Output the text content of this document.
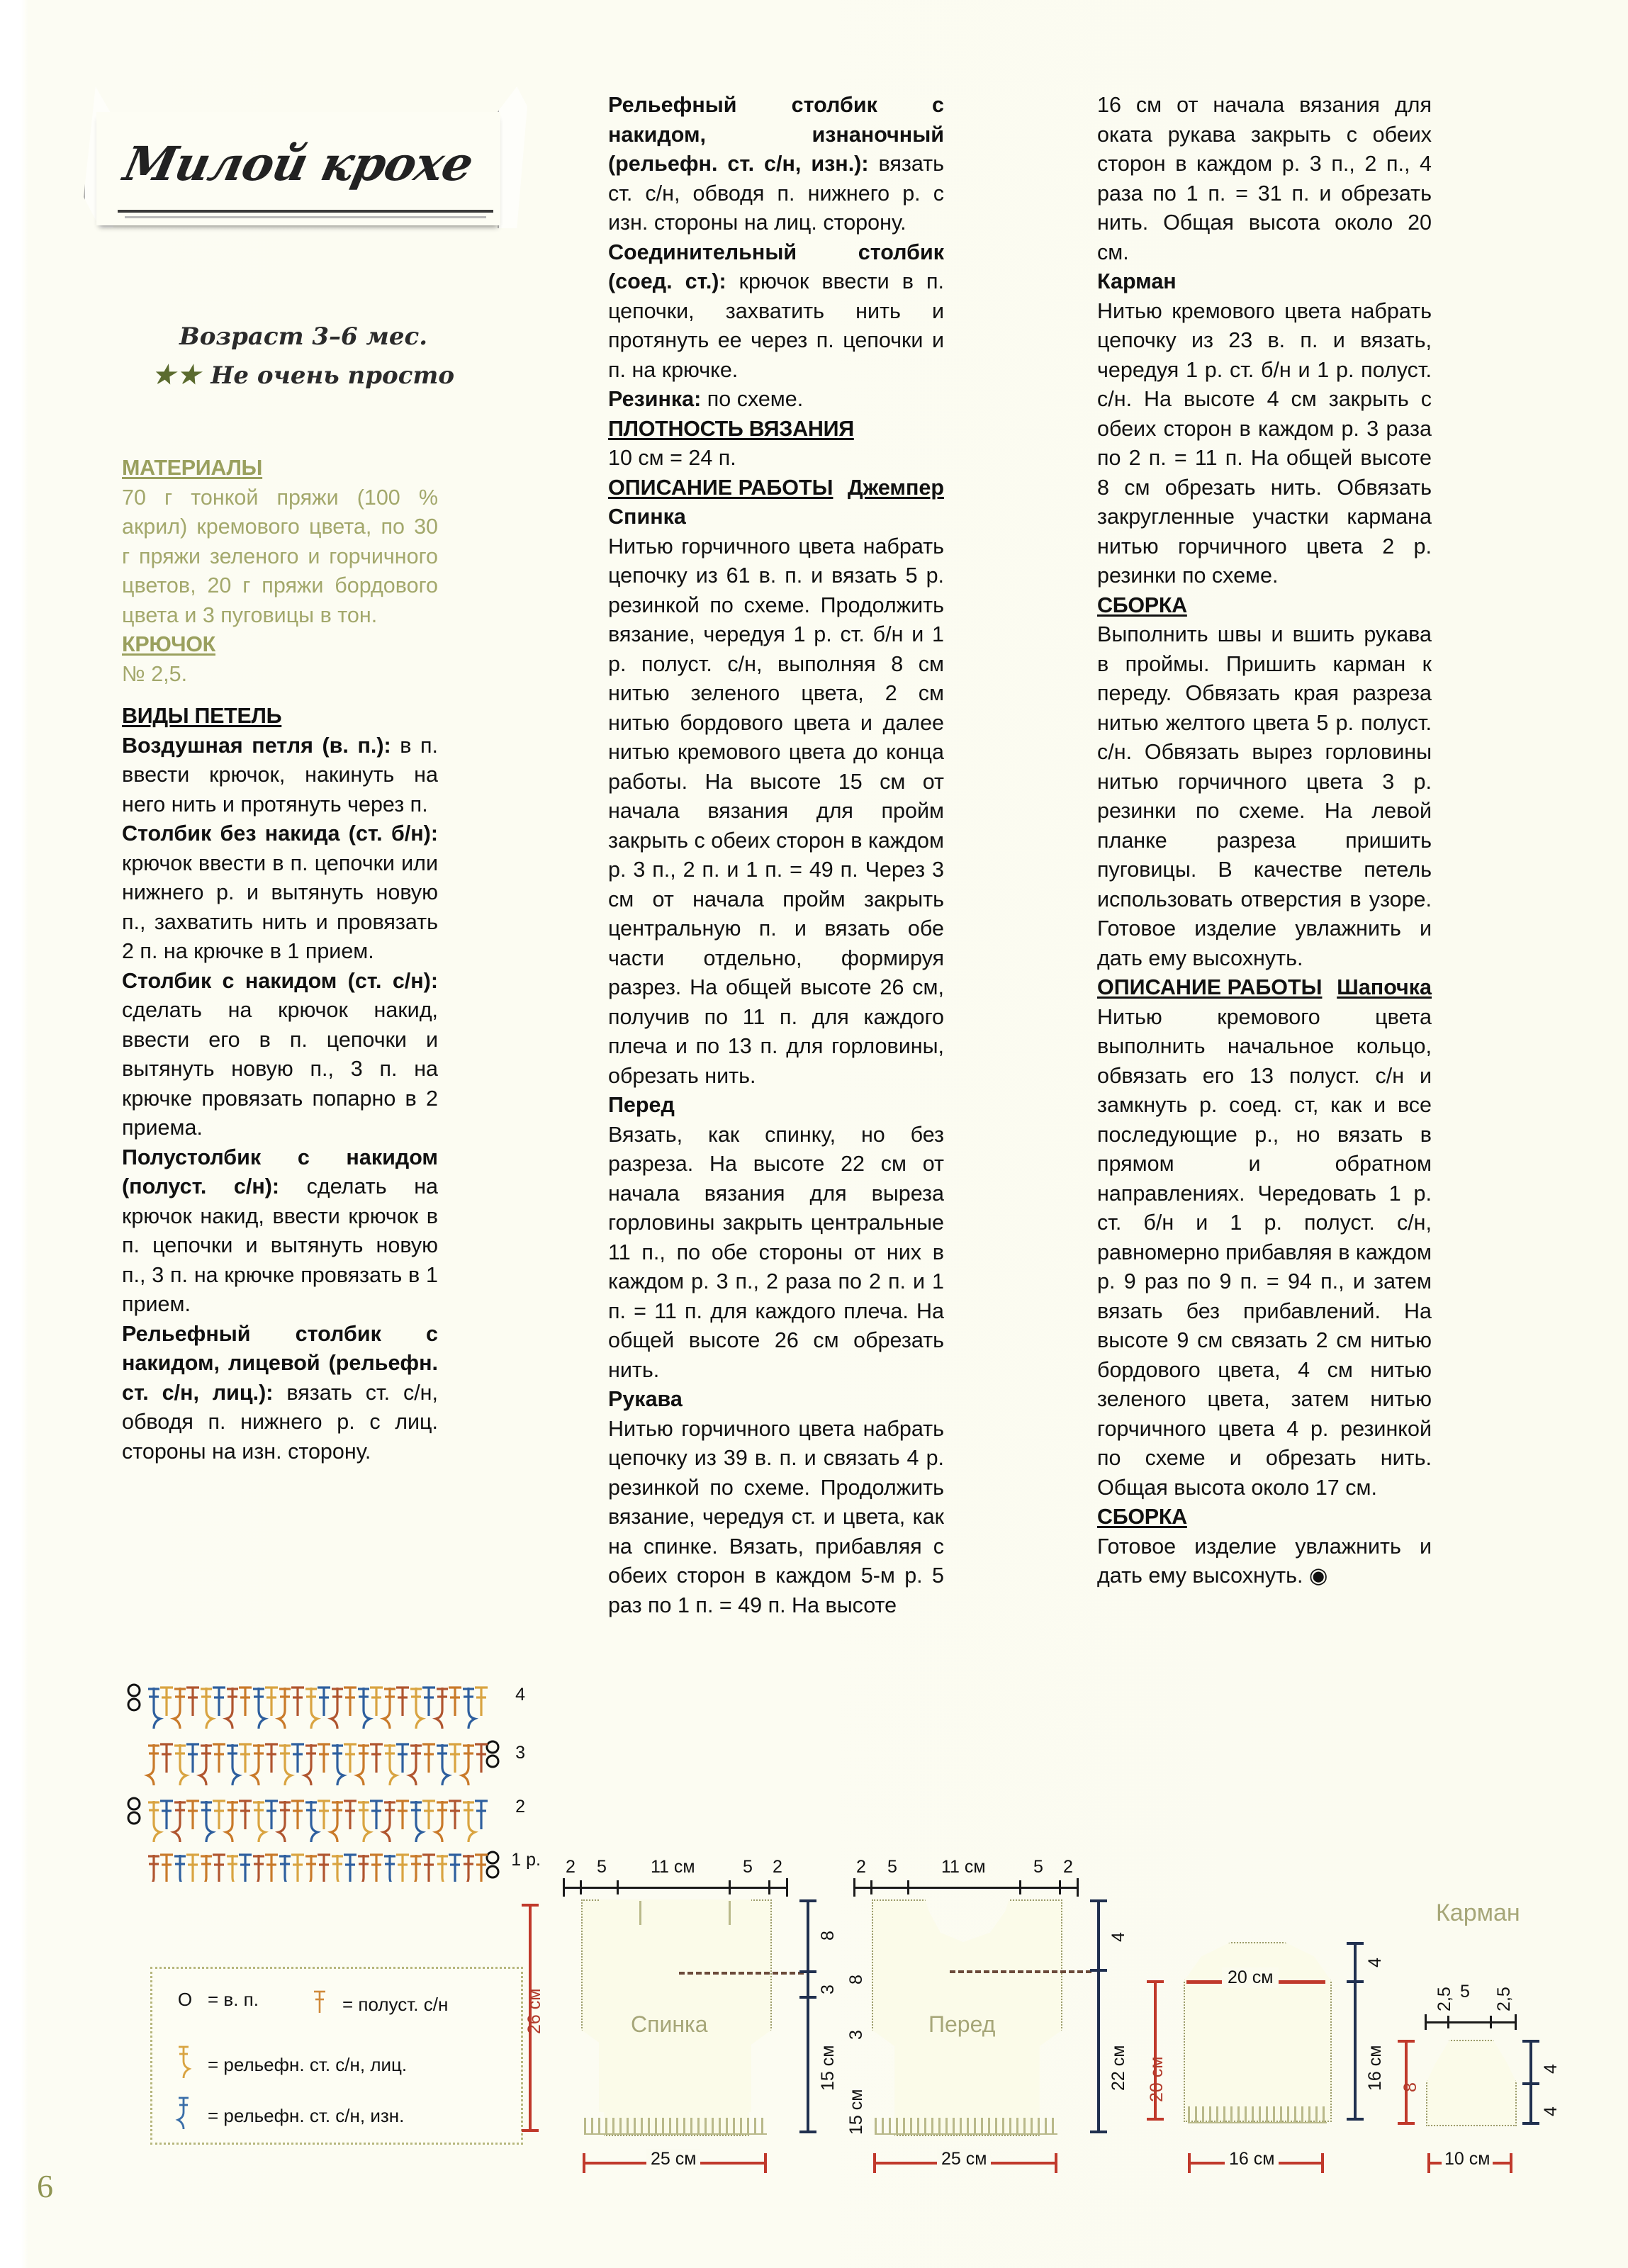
Милой крохе
Возраст 3–6 мес.
★★ Не очень просто

МАТЕРИАЛЫ

70 г тонкой пряжи (100 % акрил) кремового цвета, по 30 г пряжи зеленого и горчичного цветов, 20 г пряжи бордового цвета и 3 пуговицы в тон.

КРЮЧОК

№ 2,5.

ВИДЫ ПЕТЕЛЬ

Воздушная петля (в. п.): в п. ввести крючок, накинуть на него нить и протянуть через п.

Столбик без накида (ст. б/н): крючок ввести в п. цепочки или нижнего р. и вытянуть новую п., захватить нить и провязать 2 п. на крючке в 1 прием.

Столбик с накидом (ст. с/н): сделать на крючок накид, ввести его в п. цепочки и вытянуть новую п., 3 п. на крючке провязать попарно в 2 приема.

Полустолбик с накидом (полуст. с/н): сделать на крючок накид, ввести крючок в п. цепочки и вытянуть новую п., 3 п. на крючке провязать в 1 прием.

Рельефный столбик с накидом, лицевой (рельефн. ст. с/н, лиц.): вязать ст. с/н, обводя п. нижнего р. с лиц. стороны на изн. сторону.

Рельефный столбик с накидом, изнаночный (рельефн. ст. с/н, изн.): вязать ст. с/н, обводя п. нижнего р. с изн. стороны на лиц. сторону.

Соединительный столбик (соед. ст.): крючок ввести в п. цепочки, захватить нить и протянуть ее через п. цепочки и п. на крючке.

Резинка: по схеме.

ПЛОТНОСТЬ ВЯЗАНИЯ

10 см = 24 п.

ОПИСАНИЕ РАБОТЫ Джемпер

Спинка

Нитью горчичного цвета набрать цепочку из 61 в. п. и вязать 5 р. резинкой по схеме. Продолжить вязание, чередуя 1 р. ст. б/н и 1 р. полуст. с/н, выполняя 8 см нитью зеленого цвета, 2 см нитью бордового цвета и далее нитью кремового цвета до конца работы. На высоте 15 см от начала вязания для пройм закрыть с обеих сторон в каждом р. 3 п., 2 п. и 1 п. = 49 п. Через 3 см от начала пройм закрыть центральную п. и вязать обе части отдельно, формируя разрез. На общей высоте 26 см, получив по 11 п. для каждого плеча и по 13 п. для горловины, обрезать нить.

Перед

Вязать, как спинку, но без разреза. На высоте 22 см от начала вязания для выреза горловины закрыть центральные 11 п., по обе стороны от них в каждом р. 3 п., 2 раза по 2 п. и 1 п. = 11 п. для каждого плеча. На общей высоте 26 см обрезать нить.

Рукава

Нитью горчичного цвета набрать цепочку из 39 в. п. и связать 4 р. резинкой по схеме. Продолжить вязание, чередуя ст. и цвета, как на спинке. Вязать, прибавляя с обеих сторон в каждом 5-м р. 5 раз по 1 п. = 49 п. На высоте

16 см от начала вязания для оката рукава закрыть с обеих сторон в каждом р. 3 п., 2 п., 4 раза по 1 п. = 31 п. и обрезать нить. Общая высота около 20 см.

Карман

Нитью кремового цвета набрать цепочку из 23 в. п. и вязать, чередуя 1 р. ст. б/н и 1 р. полуст. с/н. На высоте 4 см закрыть с обеих сторон в каждом р. 3 раза по 2 п. = 11 п. На общей высоте 8 см обрезать нить. Обвязать закругленные участки кармана нитью горчичного цвета 2 р. резинки по схеме.

СБОРКА

Выполнить швы и вшить рукава в проймы. Пришить карман к переду. Обвязать края разреза нитью желтого цвета 5 р. полуст. с/н. Обвязать вырез горловины нитью горчичного цвета 3 р. резинки по схеме. На левой планке разреза пришить пуговицы. В качестве петель использовать отверстия в узоре. Готовое изделие увлажнить и дать ему высохнуть.

ОПИСАНИЕ РАБОТЫ Шапочка

Нитью кремового цвета выполнить начальное кольцо, обвязать его 13 полуст. с/н и замкнуть р. соед. ст, как и все последующие р., но вязать в прямом и обратном направлениях. Чередовать 1 р. ст. б/н и 1 р. полуст. с/н, равномерно прибавляя в каждом р. 9 раз по 9 п. = 94 п., и затем вязать без прибавлений. На высоте 9 см связать 2 см нитью бордового цвета, 4 см нитью зеленого цвета, затем нитью горчичного цвета 4 р. резинкой по схеме и обрезать нить. Общая высота около 17 см.

СБОРКА

Готовое изделие увлажнить и дать ему высохнуть. ◉

4
3
2
1 р.
O = в. п.	= полуст. с/н
= рельефн. ст. с/н, лиц.
= рельефн. ст. с/н, изн.
2 5 11 см	5 2
Спинка
26 см
8
3
15 см
25 см
2 5 11 см	5 2
Перед
8
3
15 см
4
22 см
25 см
20 см
20 см
4
16 см
16 см
Карман
2,5 5 2,5
8
4
4
10 см
6
